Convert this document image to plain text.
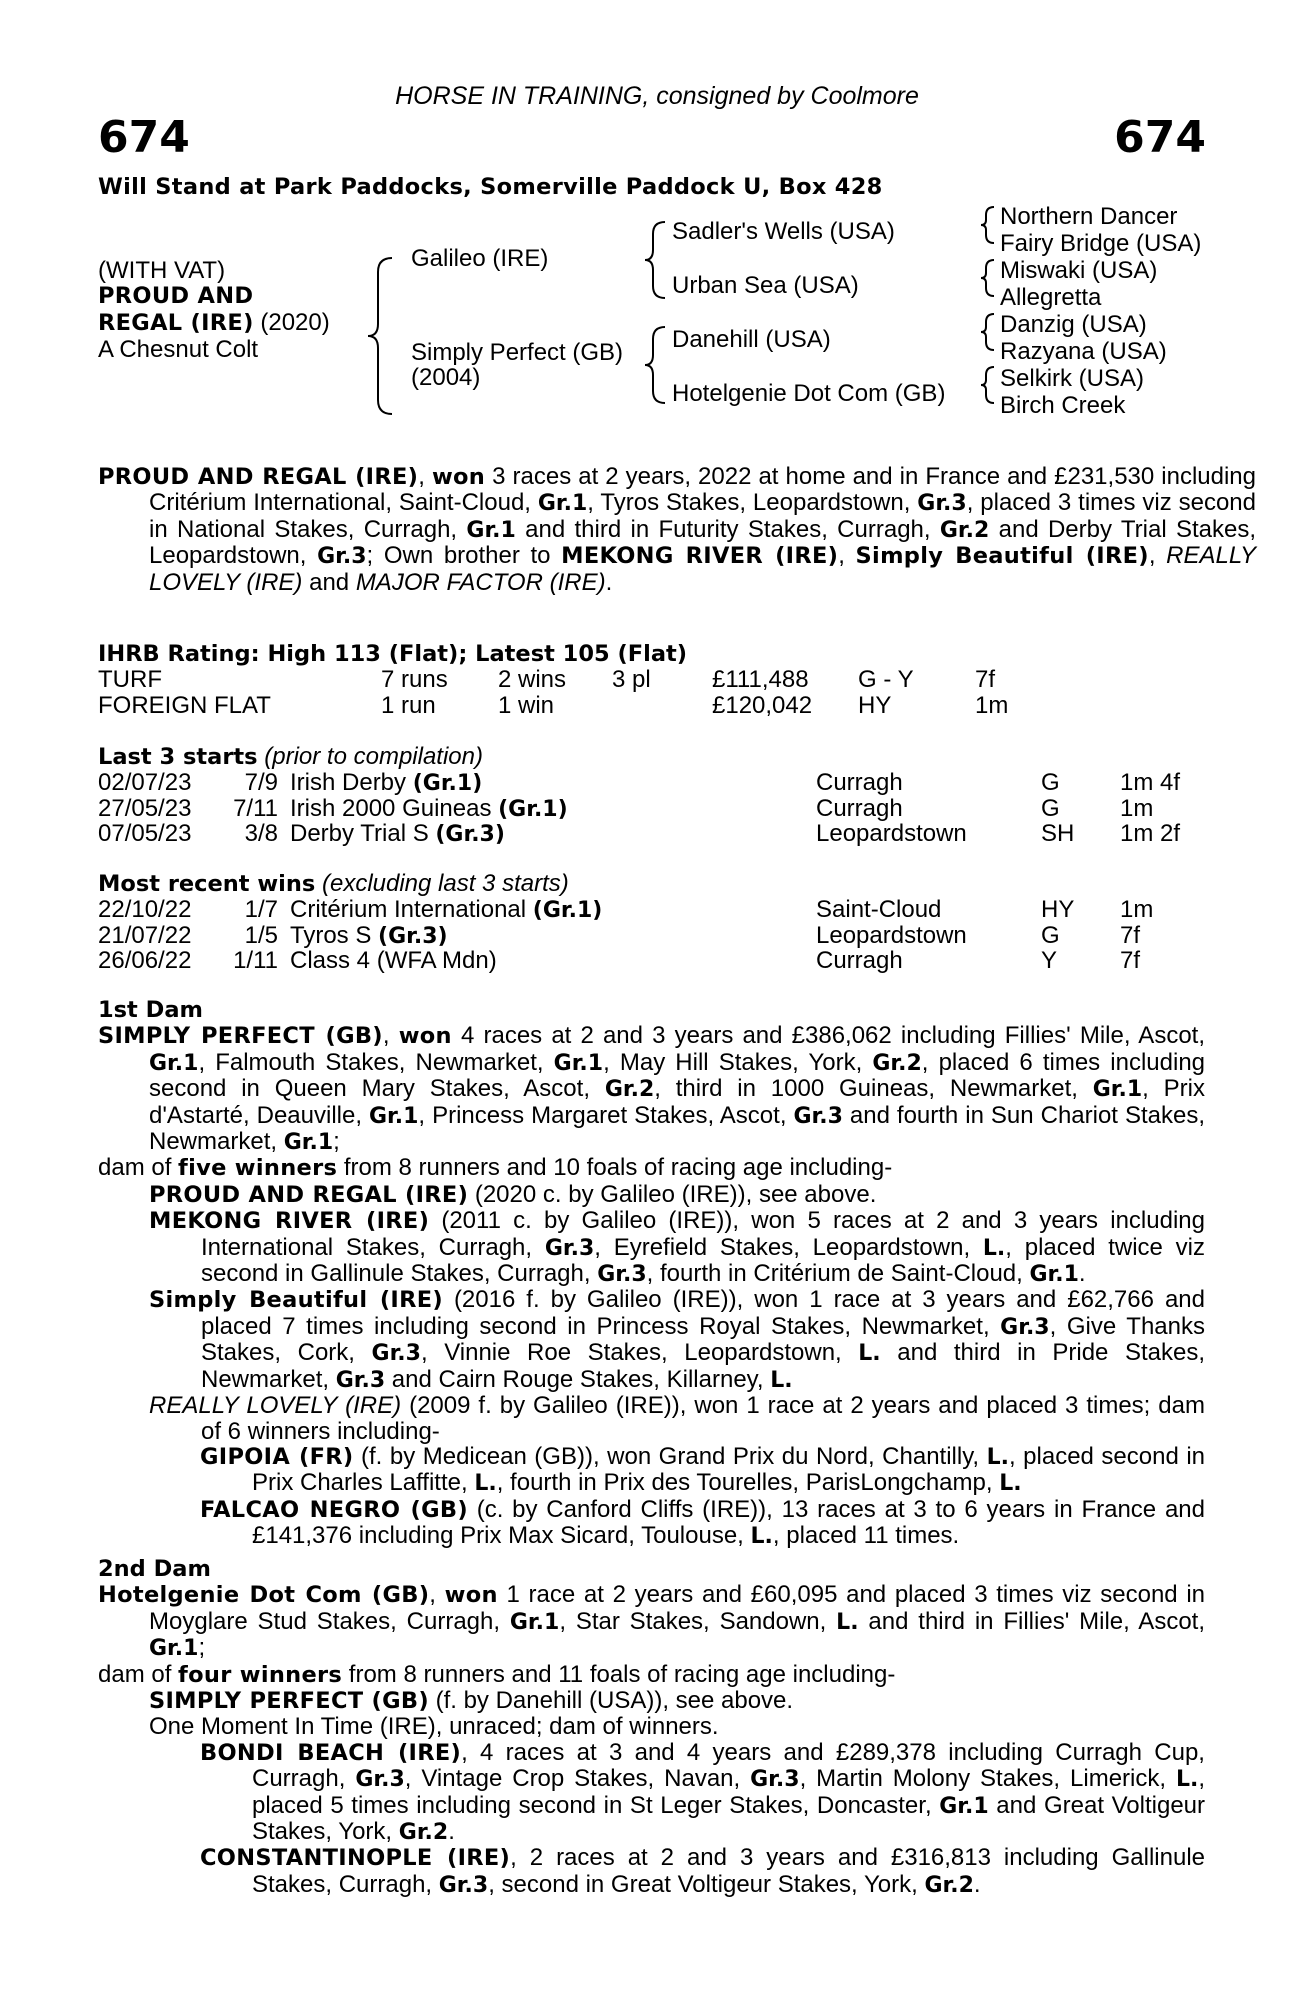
HORSE IN TRAINING, consigned by Coolmore
674	674
Will Stand at Park Paddocks, Somerville Paddock U, Box 428
(WITH VAT)
PROUD AND
REGAL (IRE) (2020)
A Chesnut Colt
Galileo (IRE)
Simply Perfect (GB)
(2004)
Sadler's Wells (USA)
Urban Sea (USA)
Danehill (USA)
Hotelgenie Dot Com (GB)
Northern Dancer
Fairy Bridge (USA)
Miswaki (USA)
Allegretta
Danzig (USA)
Razyana (USA)
Selkirk (USA)
Birch Creek
PROUD AND REGAL (IRE), won 3 races at 2 years, 2022 at home and in France and £231,530 including Critérium International, Saint-Cloud, Gr.1, Tyros Stakes, Leopardstown, Gr.3, placed 3 times viz second in National Stakes, Curragh, Gr.1 and third in Futurity Stakes, Curragh, Gr.2 and Derby Trial Stakes, Leopardstown, Gr.3; Own brother to MEKONG RIVER (IRE), Simply Beautiful (IRE), REALLY LOVELY (IRE) and MAJOR FACTOR (IRE).
IHRB Rating: High 113 (Flat); Latest 105 (Flat)
TURF	7 runs 2 wins 3 pl	£111,488 G - Y	7f
FOREIGN FLAT	1 run	1 win	£120,042 HY	1m
Last 3 starts (prior to compilation)
02/07/23	7/9 Irish Derby (Gr.1)	Curragh	G	1m 4f
27/05/23	7/11 Irish 2000 Guineas (Gr.1)	Curragh	G	1m
07/05/23	3/8 Derby Trial S (Gr.3)	Leopardstown	SH 1m 2f
Most recent wins (excluding last 3 starts)
22/10/22	1/7 Critérium International (Gr.1)	Saint-Cloud	HY 1m
21/07/22	1/5 Tyros S (Gr.3)	Leopardstown	G	7f
26/06/22	1/11 Class 4 (WFA Mdn)	Curragh	Y	7f
1st Dam
SIMPLY PERFECT (GB), won 4 races at 2 and 3 years and £386,062 including Fillies' Mile, Ascot, Gr.1, Falmouth Stakes, Newmarket, Gr.1, May Hill Stakes, York, Gr.2, placed 6 times including second in Queen Mary Stakes, Ascot, Gr.2, third in 1000 Guineas, Newmarket, Gr.1, Prix d'Astarté, Deauville, Gr.1, Princess Margaret Stakes, Ascot, Gr.3 and fourth in Sun Chariot Stakes, Newmarket, Gr.1;
dam of five winners from 8 runners and 10 foals of racing age including-
PROUD AND REGAL (IRE) (2020 c. by Galileo (IRE)), see above.
MEKONG RIVER (IRE) (2011 c. by Galileo (IRE)), won 5 races at 2 and 3 years including International Stakes, Curragh, Gr.3, Eyrefield Stakes, Leopardstown, L., placed twice viz second in Gallinule Stakes, Curragh, Gr.3, fourth in Critérium de Saint-Cloud, Gr.1.
Simply Beautiful (IRE) (2016 f. by Galileo (IRE)), won 1 race at 3 years and £62,766 and placed 7 times including second in Princess Royal Stakes, Newmarket, Gr.3, Give Thanks Stakes, Cork, Gr.3, Vinnie Roe Stakes, Leopardstown, L. and third in Pride Stakes, Newmarket, Gr.3 and Cairn Rouge Stakes, Killarney, L.
REALLY LOVELY (IRE) (2009 f. by Galileo (IRE)), won 1 race at 2 years and placed 3 times; dam of 6 winners including-
GIPOIA (FR) (f. by Medicean (GB)), won Grand Prix du Nord, Chantilly, L., placed second in Prix Charles Laffitte, L., fourth in Prix des Tourelles, ParisLongchamp, L.
FALCAO NEGRO (GB) (c. by Canford Cliffs (IRE)), 13 races at 3 to 6 years in France and £141,376 including Prix Max Sicard, Toulouse, L., placed 11 times.
2nd Dam
Hotelgenie Dot Com (GB), won 1 race at 2 years and £60,095 and placed 3 times viz second in Moyglare Stud Stakes, Curragh, Gr.1, Star Stakes, Sandown, L. and third in Fillies' Mile, Ascot, Gr.1;
dam of four winners from 8 runners and 11 foals of racing age including-
SIMPLY PERFECT (GB) (f. by Danehill (USA)), see above.
One Moment In Time (IRE), unraced; dam of winners.
BONDI BEACH (IRE), 4 races at 3 and 4 years and £289,378 including Curragh Cup, Curragh, Gr.3, Vintage Crop Stakes, Navan, Gr.3, Martin Molony Stakes, Limerick, L., placed 5 times including second in St Leger Stakes, Doncaster, Gr.1 and Great Voltigeur Stakes, York, Gr.2.
CONSTANTINOPLE (IRE), 2 races at 2 and 3 years and £316,813 including Gallinule Stakes, Curragh, Gr.3, second in Great Voltigeur Stakes, York, Gr.2.
